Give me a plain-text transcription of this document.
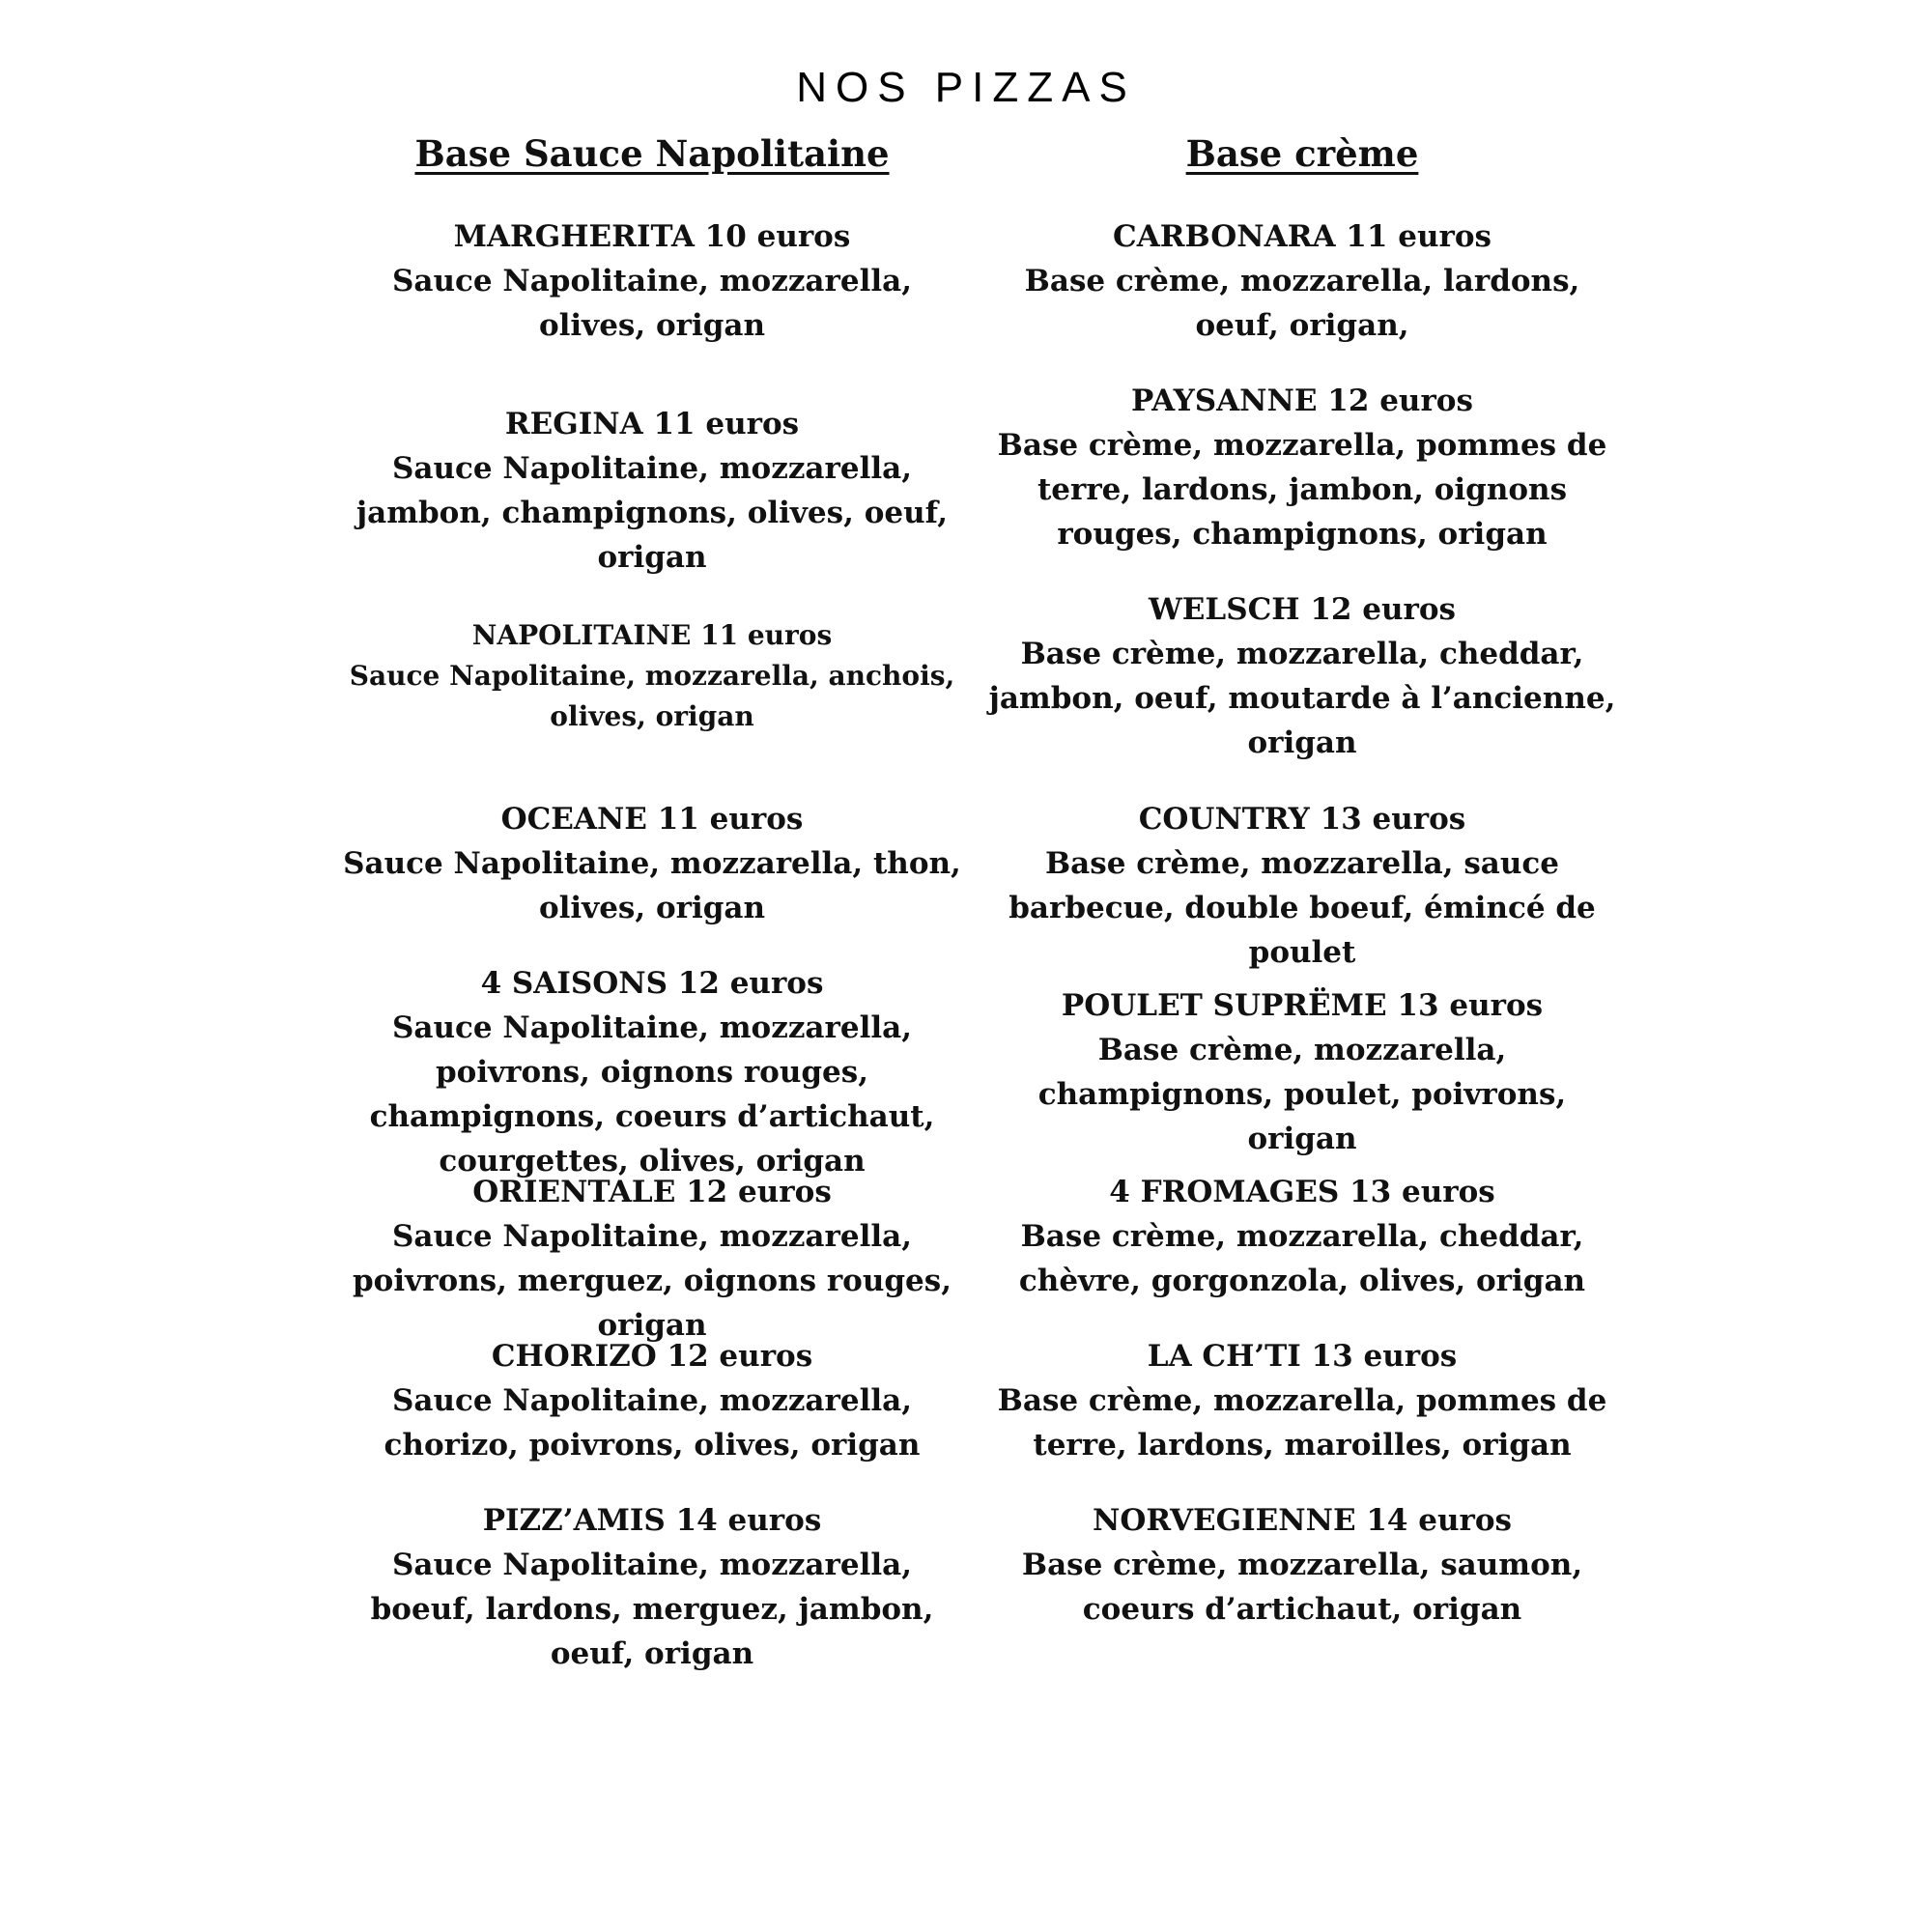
NOS PIZZAS
Base Sauce Napolitaine
MARGHERITA 10 euros
Sauce Napolitaine, mozzarella, olives, origan
REGINA 11 euros
Sauce Napolitaine, mozzarella, jambon, champignons, olives, oeuf, origan
NAPOLITAINE 11 euros
Sauce Napolitaine, mozzarella, anchois, olives, origan
OCEANE 11 euros
Sauce Napolitaine, mozzarella, thon, olives, origan
4 SAISONS 12 euros
Sauce Napolitaine, mozzarella, poivrons, oignons rouges, champignons, coeurs d’artichaut, courgettes, olives, origan
ORIENTALE 12 euros
Sauce Napolitaine, mozzarella, poivrons, merguez, oignons rouges, origan
CHORIZO 12 euros
Sauce Napolitaine, mozzarella, chorizo, poivrons, olives, origan
PIZZ’AMIS 14 euros
Sauce Napolitaine, mozzarella, boeuf, lardons, merguez, jambon, oeuf, origan
Base crème
CARBONARA 11 euros
Base crème, mozzarella, lardons, oeuf, origan,
PAYSANNE 12 euros
Base crème, mozzarella, pommes de terre, lardons, jambon, oignons rouges, champignons, origan
WELSCH 12 euros
Base crème, mozzarella, cheddar, jambon, oeuf, moutarde à l’ancienne, origan
COUNTRY 13 euros
Base crème, mozzarella, sauce barbecue, double boeuf, émincé de poulet
POULET SUPRËME 13 euros
Base crème, mozzarella, champignons, poulet, poivrons, origan
4 FROMAGES 13 euros
Base crème, mozzarella, cheddar, chèvre, gorgonzola, olives, origan
LA CH’TI 13 euros
Base crème, mozzarella, pommes de terre, lardons, maroilles, origan
NORVEGIENNE 14 euros
Base crème, mozzarella, saumon, coeurs d’artichaut, origan
